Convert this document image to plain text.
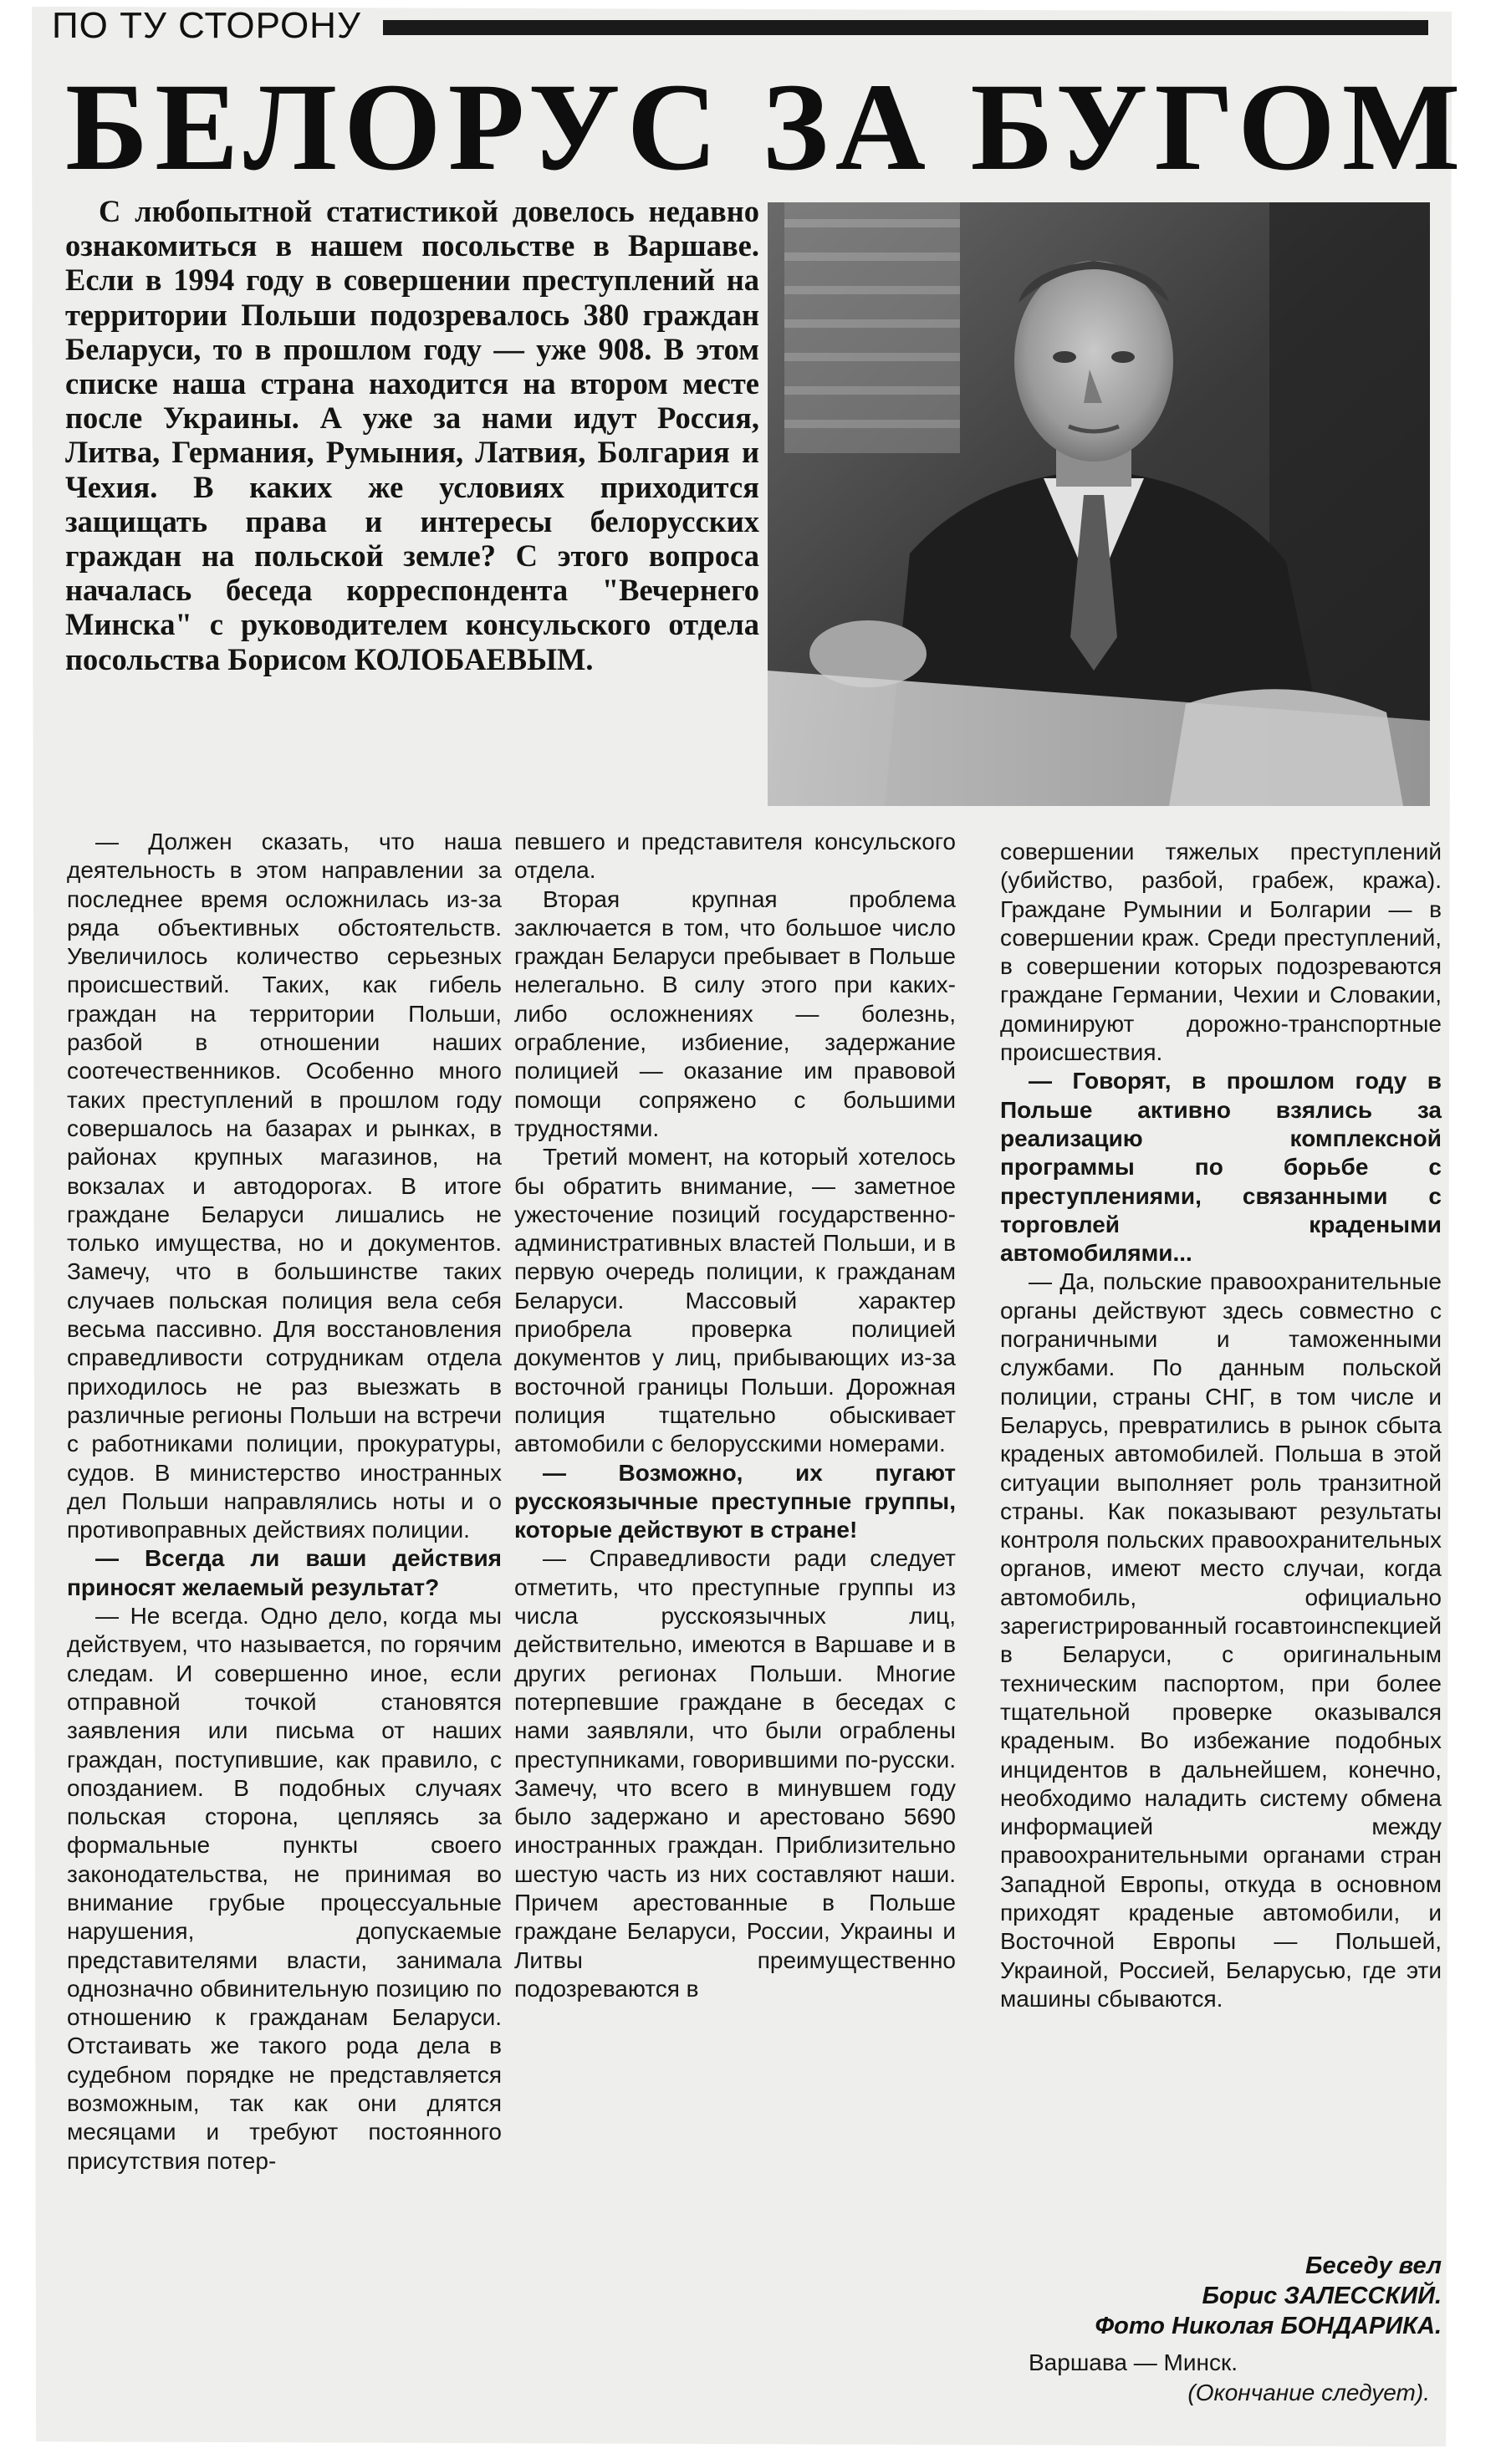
ПО ТУ СТОРОНУ
БЕЛОРУС ЗА БУГОМ
С любопытной статистикой довелось недавно ознакомиться в нашем посольстве в Варшаве. Если в 1994 году в совершении преступлений на территории Польши подозревалось 380 граждан Беларуси, то в прошлом году — уже 908. В этом списке наша страна находится на втором месте после Украины. А уже за нами идут Россия, Литва, Германия, Румыния, Латвия, Болгария и Чехия. В каких же условиях приходится защищать права и интересы белорусских граждан на польской земле? С этого вопроса началась беседа корреспондента "Вечернего Минска" с руководителем консульского отдела посольства Борисом КОЛОБАЕВЫМ.

— Должен сказать, что наша деятельность в этом направлении за последнее время осложнилась из-за ряда объективных обстоятельств. Увеличилось количество серьезных происшествий. Таких, как гибель граждан на территории Польши, разбой в отношении наших соотечественников. Особенно много таких преступлений в прошлом году совершалось на базарах и рынках, в районах крупных магазинов, на вокзалах и автодорогах. В итоге граждане Беларуси лишались не только имущества, но и документов. Замечу, что в большинстве таких случаев польская полиция вела себя весьма пассивно. Для восстановления справедливости сотрудникам отдела приходилось не раз выезжать в различные регионы Польши на встречи с работниками полиции, прокуратуры, судов. В министерство иностранных дел Польши направлялись ноты и о противоправных действиях полиции.

— Всегда ли ваши действия приносят желаемый результат?

— Не всегда. Одно дело, когда мы действуем, что называется, по горячим следам. И совершенно иное, если отправной точкой становятся заявления или письма от наших граждан, поступившие, как правило, с опозданием. В подобных случаях польская сторона, цепляясь за формальные пункты своего законодательства, не принимая во внимание грубые процессуальные нарушения, допускаемые представителями власти, занимала однозначно обвинительную позицию по отношению к гражданам Беларуси. Отстаивать же такого рода дела в судебном порядке не представляется возможным, так как они длятся месяцами и требуют постоянного присутствия потер-

певшего и представителя консульского отдела.

Вторая крупная проблема заключается в том, что большое число граждан Беларуси пребывает в Польше нелегально. В силу этого при каких-либо осложнениях — болезнь, ограбление, избиение, задержание полицией — оказание им правовой помощи сопряжено с большими трудностями.

Третий момент, на который хотелось бы обратить внимание, — заметное ужесточение позиций государственно-административных властей Польши, и в первую очередь полиции, к гражданам Беларуси. Массовый характер приобрела проверка полицией документов у лиц, прибывающих из-за восточной границы Польши. Дорожная полиция тщательно обыскивает автомобили с белорусскими номерами.

— Возможно, их пугают русскоязычные преступные группы, которые действуют в стране!

— Справедливости ради следует отметить, что преступные группы из числа русскоязычных лиц, действительно, имеются в Варшаве и в других регионах Польши. Многие потерпевшие граждане в беседах с нами заявляли, что были ограблены преступниками, говорившими по-русски. Замечу, что всего в минувшем году было задержано и арестовано 5690 иностранных граждан. Приблизительно шестую часть из них составляют наши. Причем арестованные в Польше граждане Беларуси, России, Украины и Литвы преимущественно подозреваются в

совершении тяжелых преступлений (убийство, разбой, грабеж, кража). Граждане Румынии и Болгарии — в совершении краж. Среди преступлений, в совершении которых подозреваются граждане Германии, Чехии и Словакии, доминируют дорожно-транспортные происшествия.

— Говорят, в прошлом году в Польше активно взялись за реализацию комплексной программы по борьбе с преступлениями, связанными с торговлей крадеными автомобилями...

— Да, польские правоохранительные органы действуют здесь совместно с пограничными и таможенными службами. По данным польской полиции, страны СНГ, в том числе и Беларусь, превратились в рынок сбыта краденых автомобилей. Польша в этой ситуации выполняет роль транзитной страны. Как показывают результаты контроля польских правоохранительных органов, имеют место случаи, когда автомобиль, официально зарегистрированный госавтоинспекцией в Беларуси, с оригинальным техническим паспортом, при более тщательной проверке оказывался краденым. Во избежание подобных инцидентов в дальнейшем, конечно, необходимо наладить систему обмена информацией между правоохранительными органами стран Западной Европы, откуда в основном приходят краденые автомобили, и Восточной Европы — Польшей, Украиной, Россией, Беларусью, где эти машины сбываются.

Беседу вел
Борис ЗАЛЕССКИЙ.
Фото Николая БОНДАРИКА.
Варшава — Минск.
(Окончание следует).
